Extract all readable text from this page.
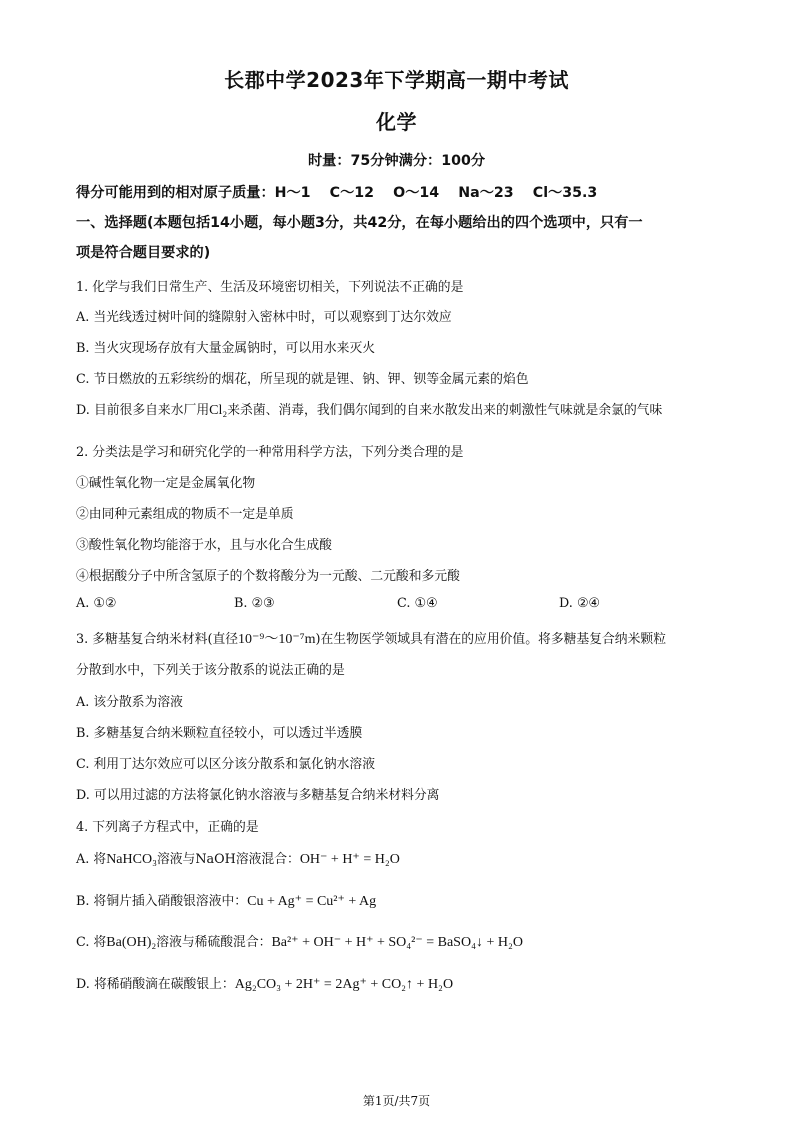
长郡中学2023年下学期高一期中考试
化学
时量：75分钟满分：100分
得分可能用到的相对原子质量：H～1　 C～12　 O～14　 Na～23　 Cl～35.3
一、选择题(本题包括14小题，每小题3分，共42分，在每小题给出的四个选项中，只有一
项是符合题目要求的)
1. 化学与我们日常生产、生活及环境密切相关，下列说法不正确的是
A. 当光线透过树叶间的缝隙射入密林中时，可以观察到丁达尔效应
B. 当火灾现场存放有大量金属钠时，可以用水来灭火
C. 节日燃放的五彩缤纷的烟花，所呈现的就是锂、钠、钾、钡等金属元素的焰色
D. 目前很多自来水厂用Cl₂来杀菌、消毒，我们偶尔闻到的自来水散发出来的刺激性气味就是余氯的气味
2. 分类法是学习和研究化学的一种常用科学方法，下列分类合理的是
①碱性氧化物一定是金属氧化物
②由同种元素组成的物质不一定是单质
③酸性氧化物均能溶于水，且与水化合生成酸
④根据酸分子中所含氢原子的个数将酸分为一元酸、二元酸和多元酸
A. ①②	B. ②③	C. ①④	D. ②④
3. 多糖基复合纳米材料(直径10⁻⁹～10⁻⁷m)在生物医学领域具有潜在的应用价值。将多糖基复合纳米颗粒
分散到水中，下列关于该分散系的说法正确的是
A. 该分散系为溶液
B. 多糖基复合纳米颗粒直径较小，可以透过半透膜
C. 利用丁达尔效应可以区分该分散系和氯化钠水溶液
D. 可以用过滤的方法将氯化钠水溶液与多糖基复合纳米材料分离
4. 下列离子方程式中，正确的是
A. 将NaHCO₃溶液与NaOH溶液混合：OH⁻ + H⁺ = H₂O
B. 将铜片插入硝酸银溶液中：Cu + Ag⁺ = Cu²⁺ + Ag
C. 将Ba(OH)₂溶液与稀硫酸混合：Ba²⁺ + OH⁻ + H⁺ + SO₄²⁻ = BaSO₄↓ + H₂O
D. 将稀硝酸滴在碳酸银上：Ag₂CO₃ + 2H⁺ = 2Ag⁺ + CO₂↑ + H₂O
第1页/共7页
